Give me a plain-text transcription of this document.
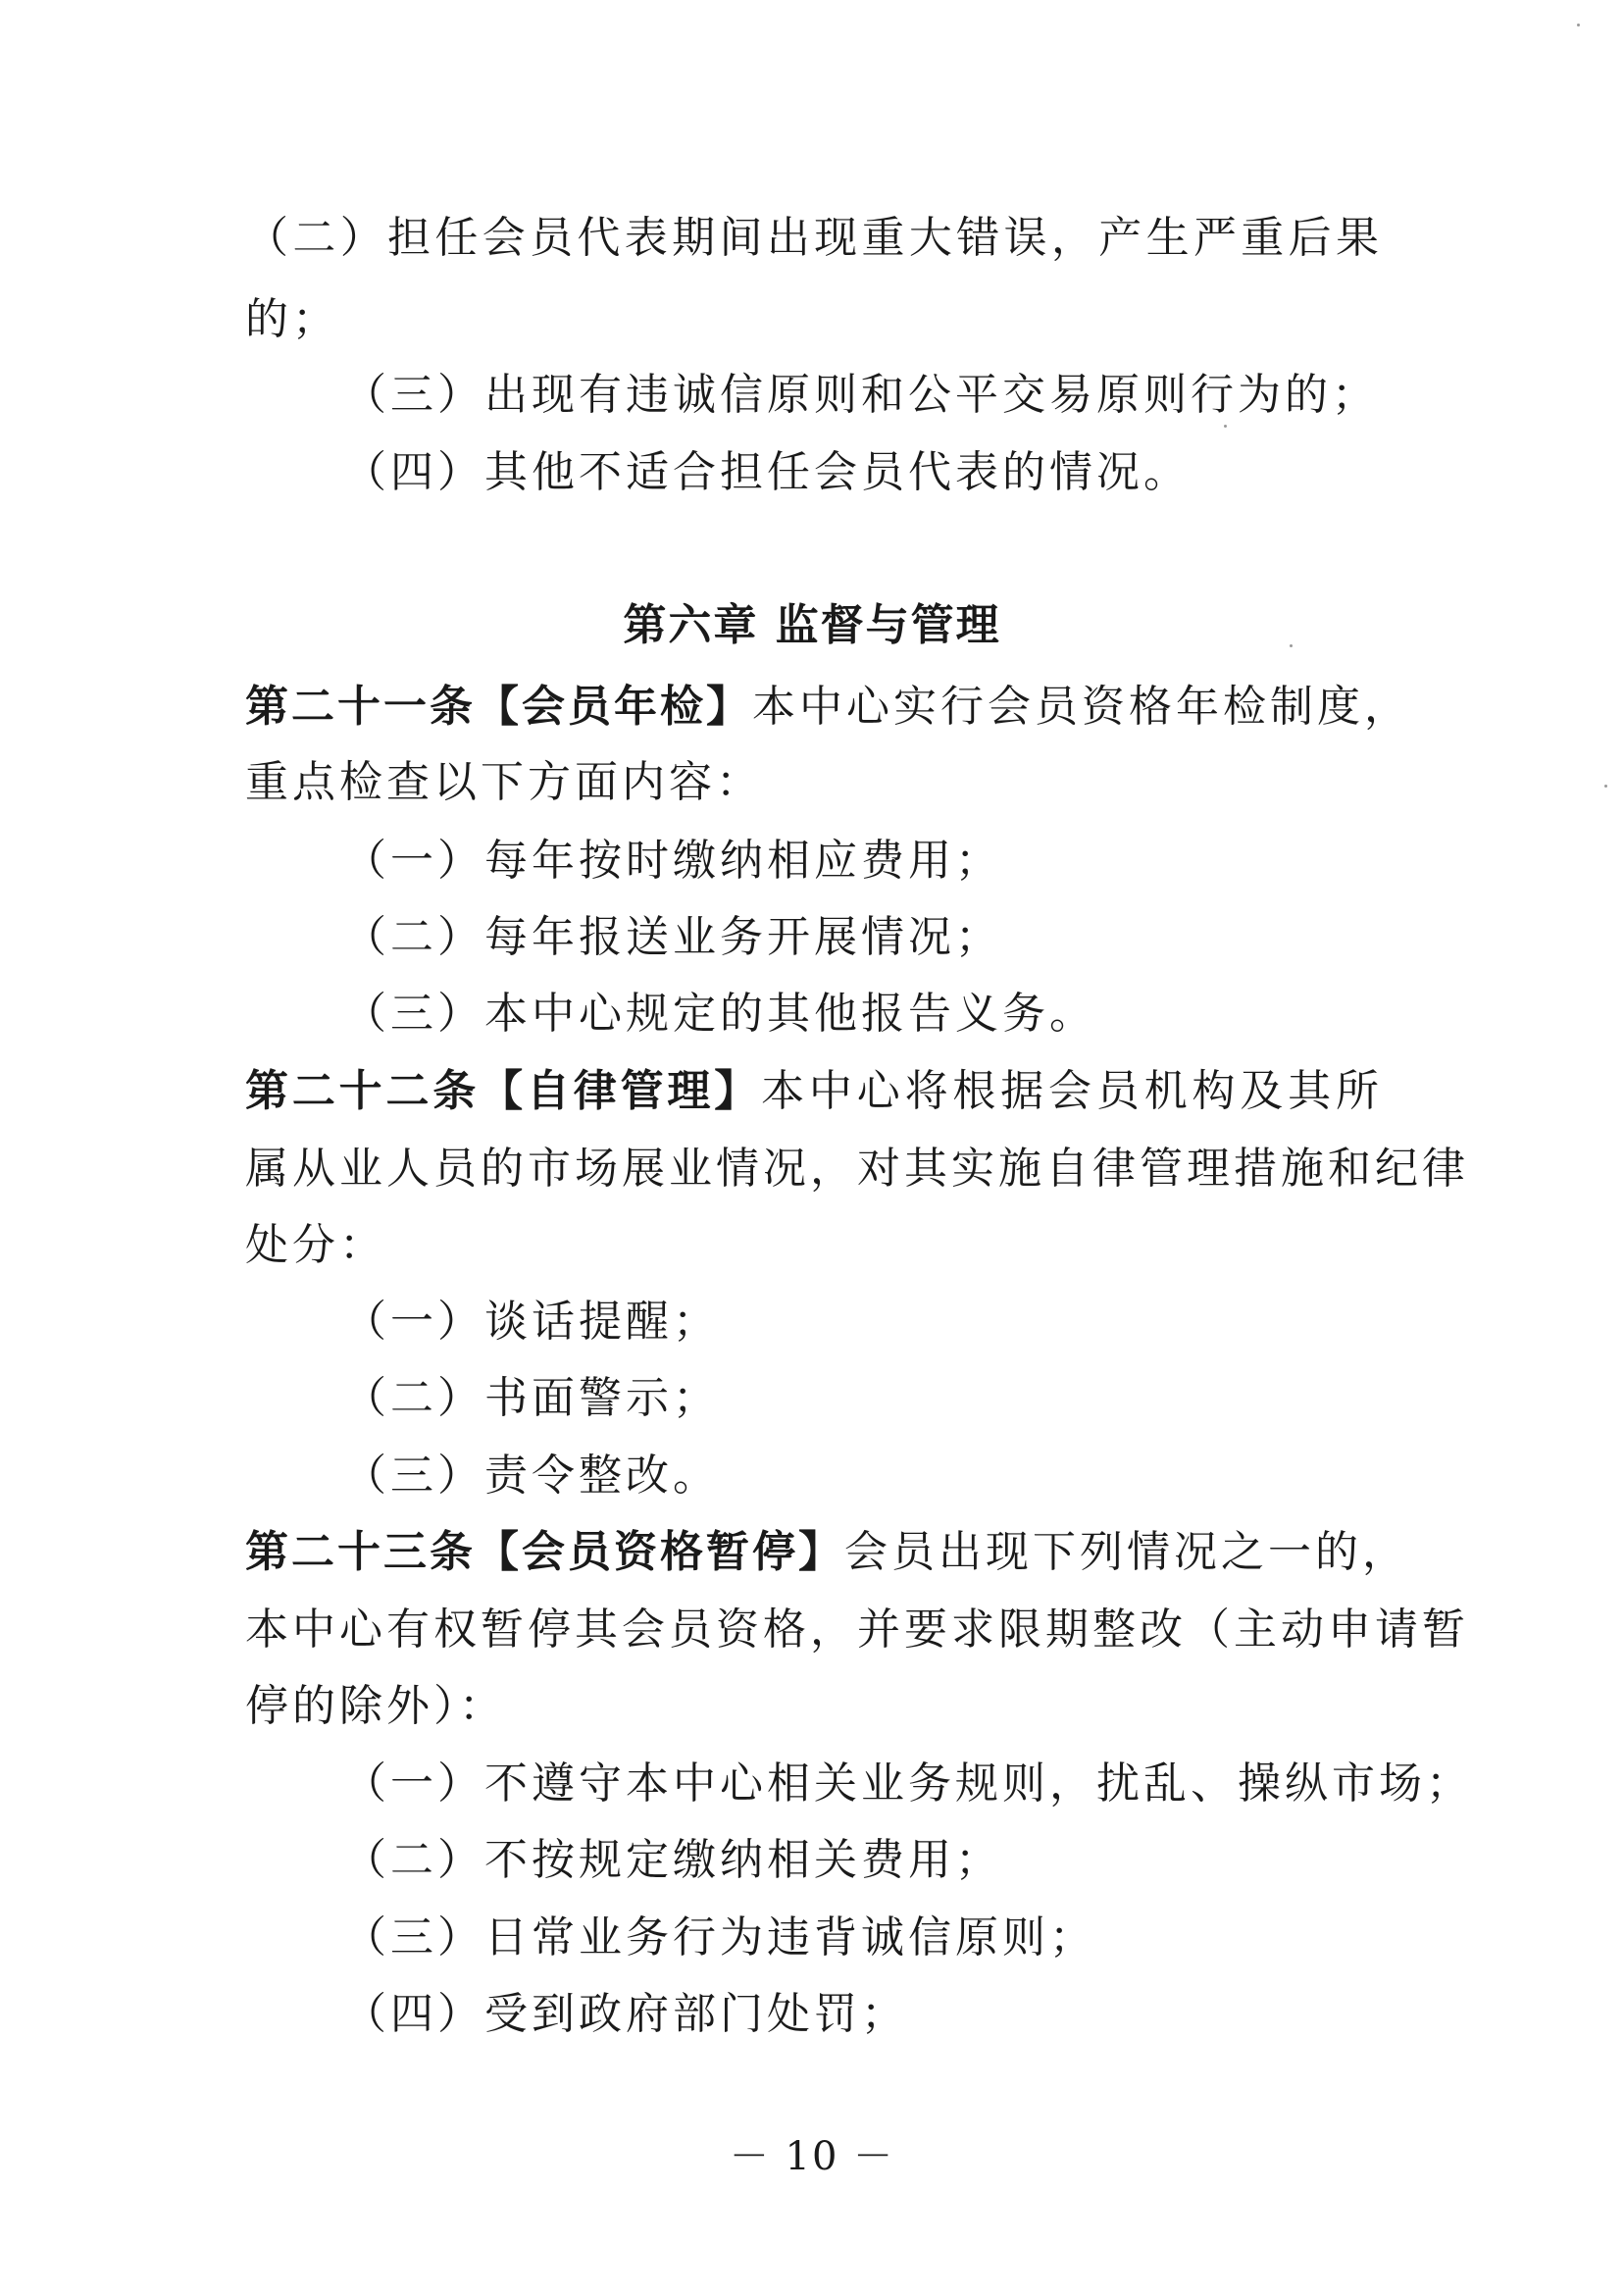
（二）担任会员代表期间出现重大错误，产生严重后果
的；
（三）出现有违诚信原则和公平交易原则行为的；
（四）其他不适合担任会员代表的情况。
第六章 监督与管理
第二十一条【会员年检】本中心实行会员资格年检制度，
重点检查以下方面内容：
（一）每年按时缴纳相应费用；
（二）每年报送业务开展情况；
（三）本中心规定的其他报告义务。
第二十二条【自律管理】本中心将根据会员机构及其所
属从业人员的市场展业情况，对其实施自律管理措施和纪律
处分：
（一）谈话提醒；
（二）书面警示；
（三）责令整改。
第二十三条【会员资格暂停】会员出现下列情况之一的，
本中心有权暂停其会员资格，并要求限期整改（主动申请暂
停的除外）：
（一）不遵守本中心相关业务规则，扰乱、操纵市场；
（二）不按规定缴纳相关费用；
（三）日常业务行为违背诚信原则；
（四）受到政府部门处罚；
－ 10 －
